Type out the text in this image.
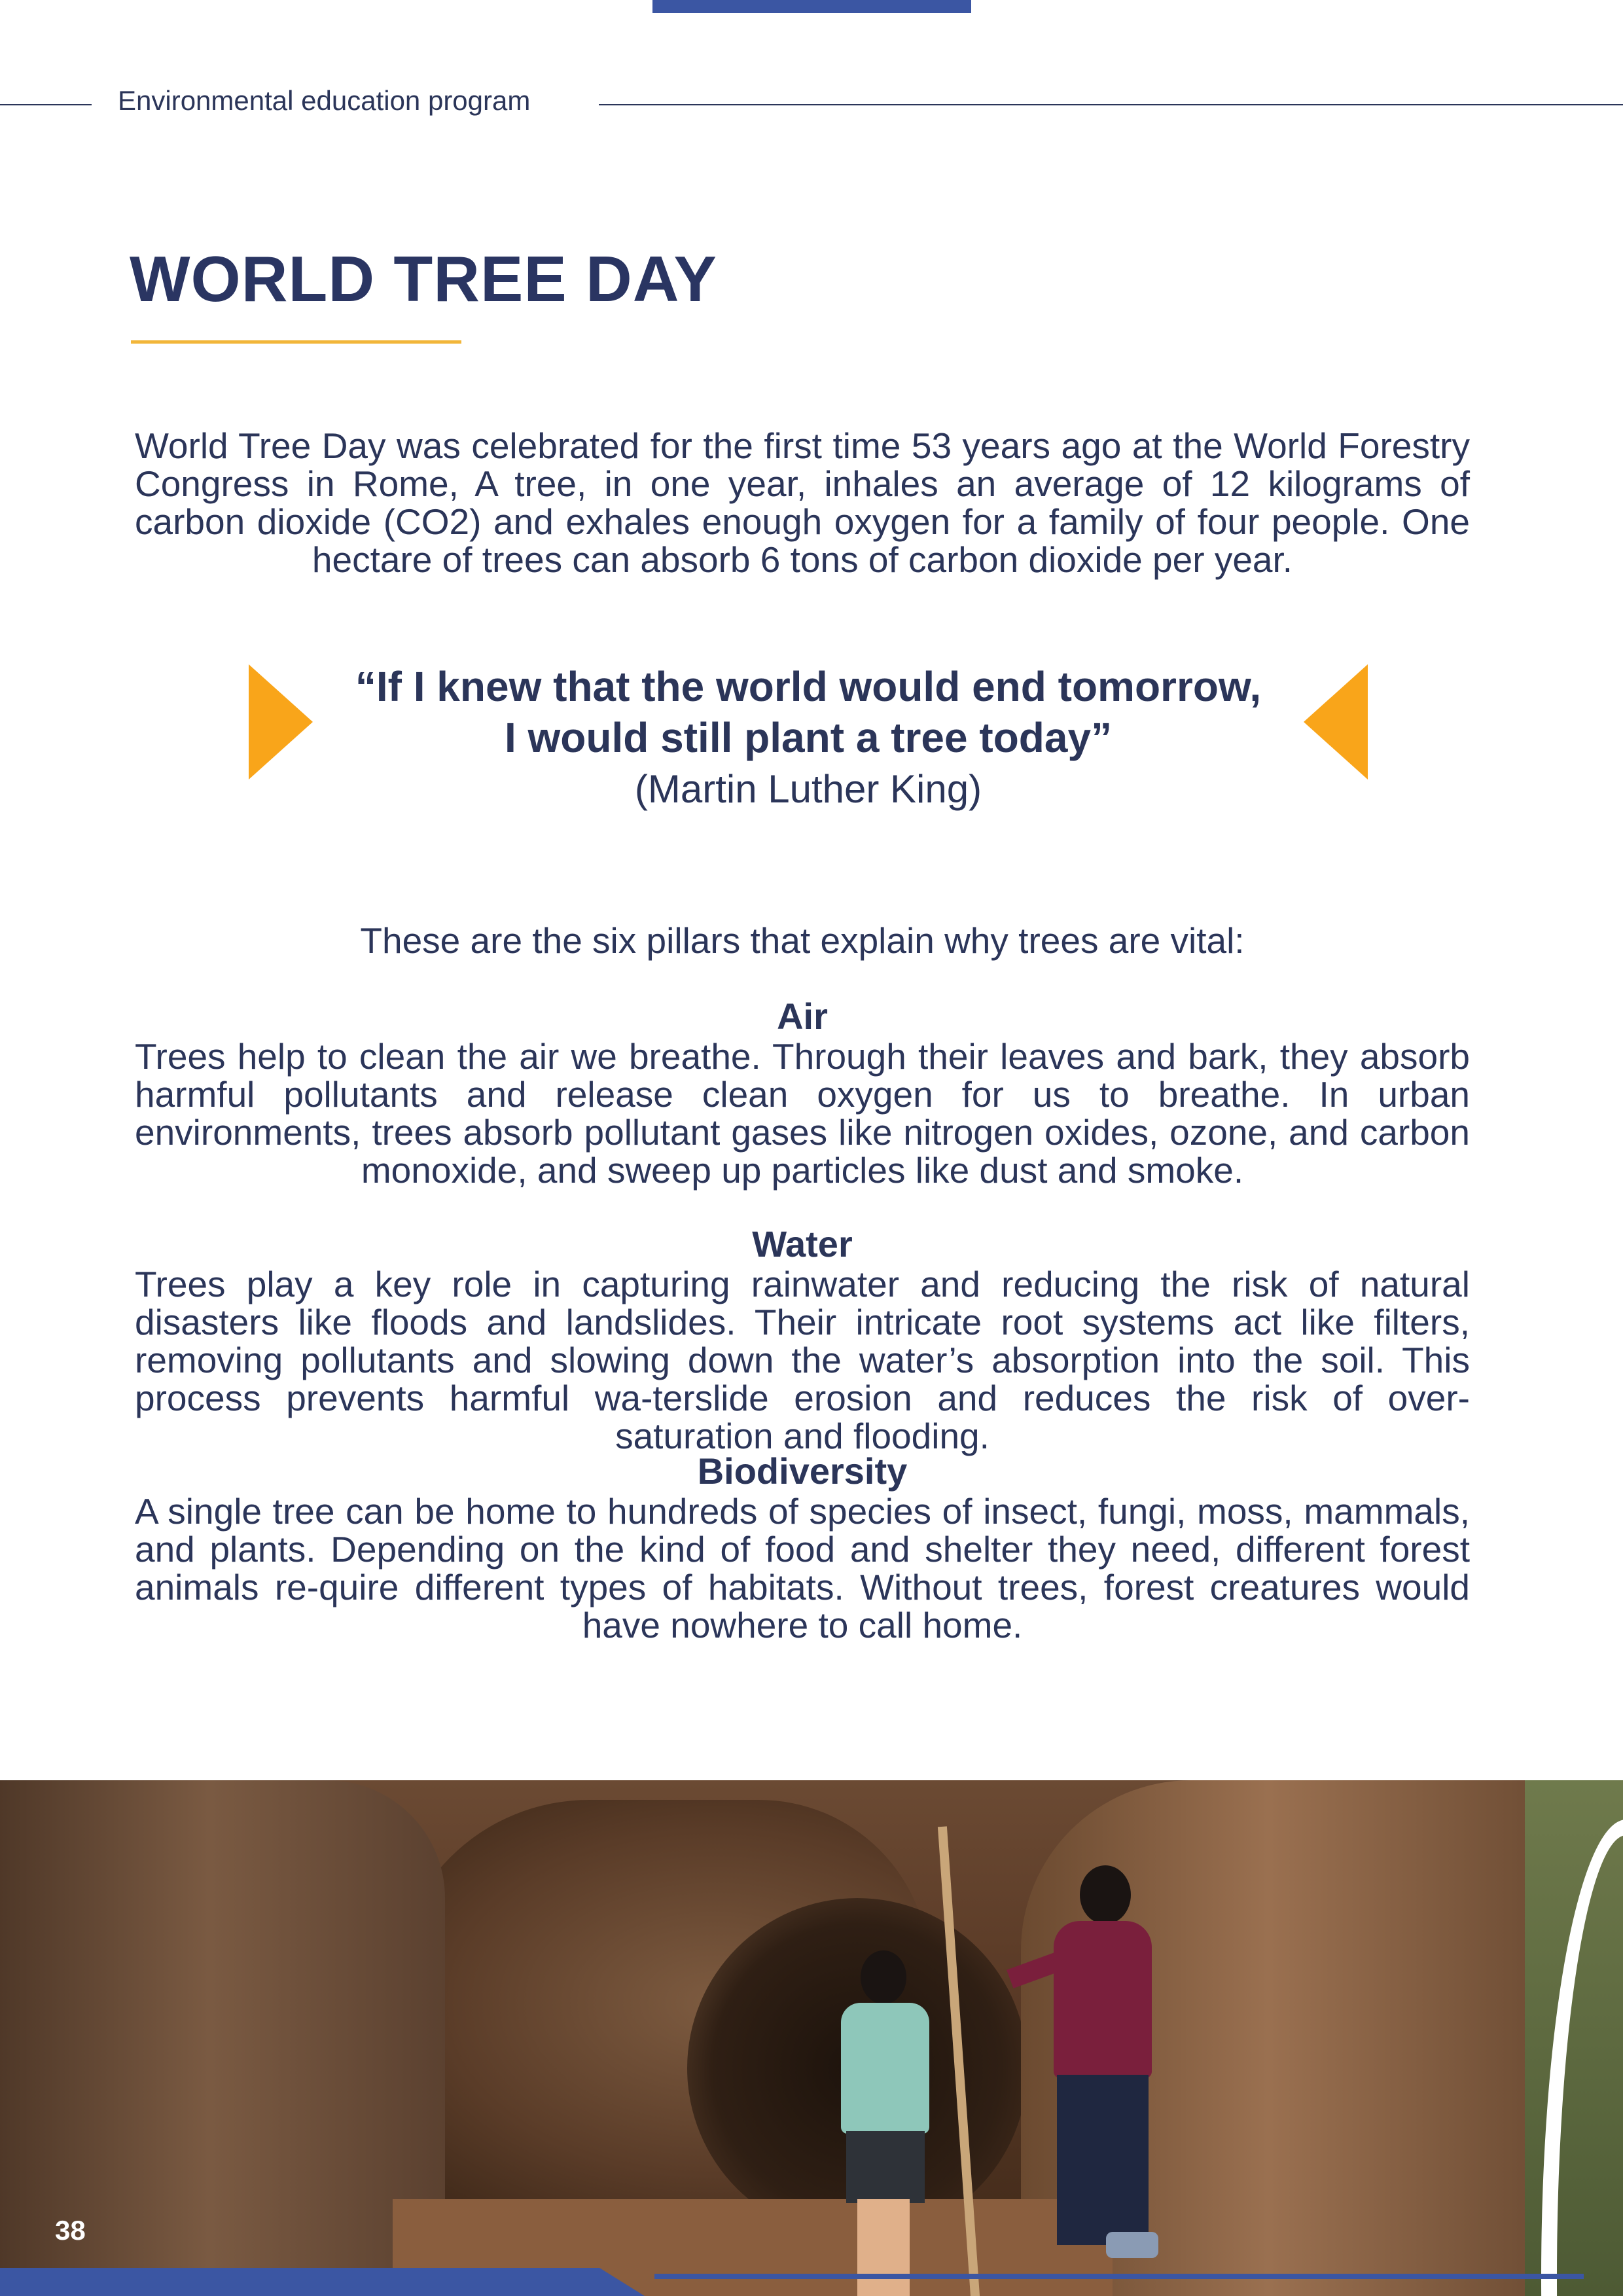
Environmental education program
WORLD TREE DAY

World Tree Day was celebrated for the first time 53 years ago at the World Forestry Congress in Rome, A tree, in one year, inhales an average of 12 kilograms of carbon dioxide (CO2) and exhales enough oxygen for a family of four people. One hectare of trees can absorb 6 tons of carbon dioxide per year.

“If I knew that the world would end tomorrow,
I would still plant a tree today”
(Martin Luther King)
These are the six pillars that explain why trees are vital:
Air

Trees help to clean the air we breathe. Through their leaves and bark, they absorb harmful pollutants and release clean oxygen for us to breathe. In urban environments, trees absorb pollutant gases like nitrogen oxides, ozone, and carbon monoxide, and sweep up particles like dust and smoke.

Water

Trees play a key role in capturing rainwater and reducing the risk of natural disasters like floods and landslides. Their intricate root systems act like filters, removing pollutants and slowing down the water’s absorption into the soil. This process prevents harmful wa-terslide erosion and reduces the risk of over-saturation and flooding.

Biodiversity

A single tree can be home to hundreds of species of insect, fungi, moss, mammals, and plants. Depending on the kind of food and shelter they need, different forest animals re-quire different types of habitats. Without trees, forest creatures would have nowhere to call home.

38
